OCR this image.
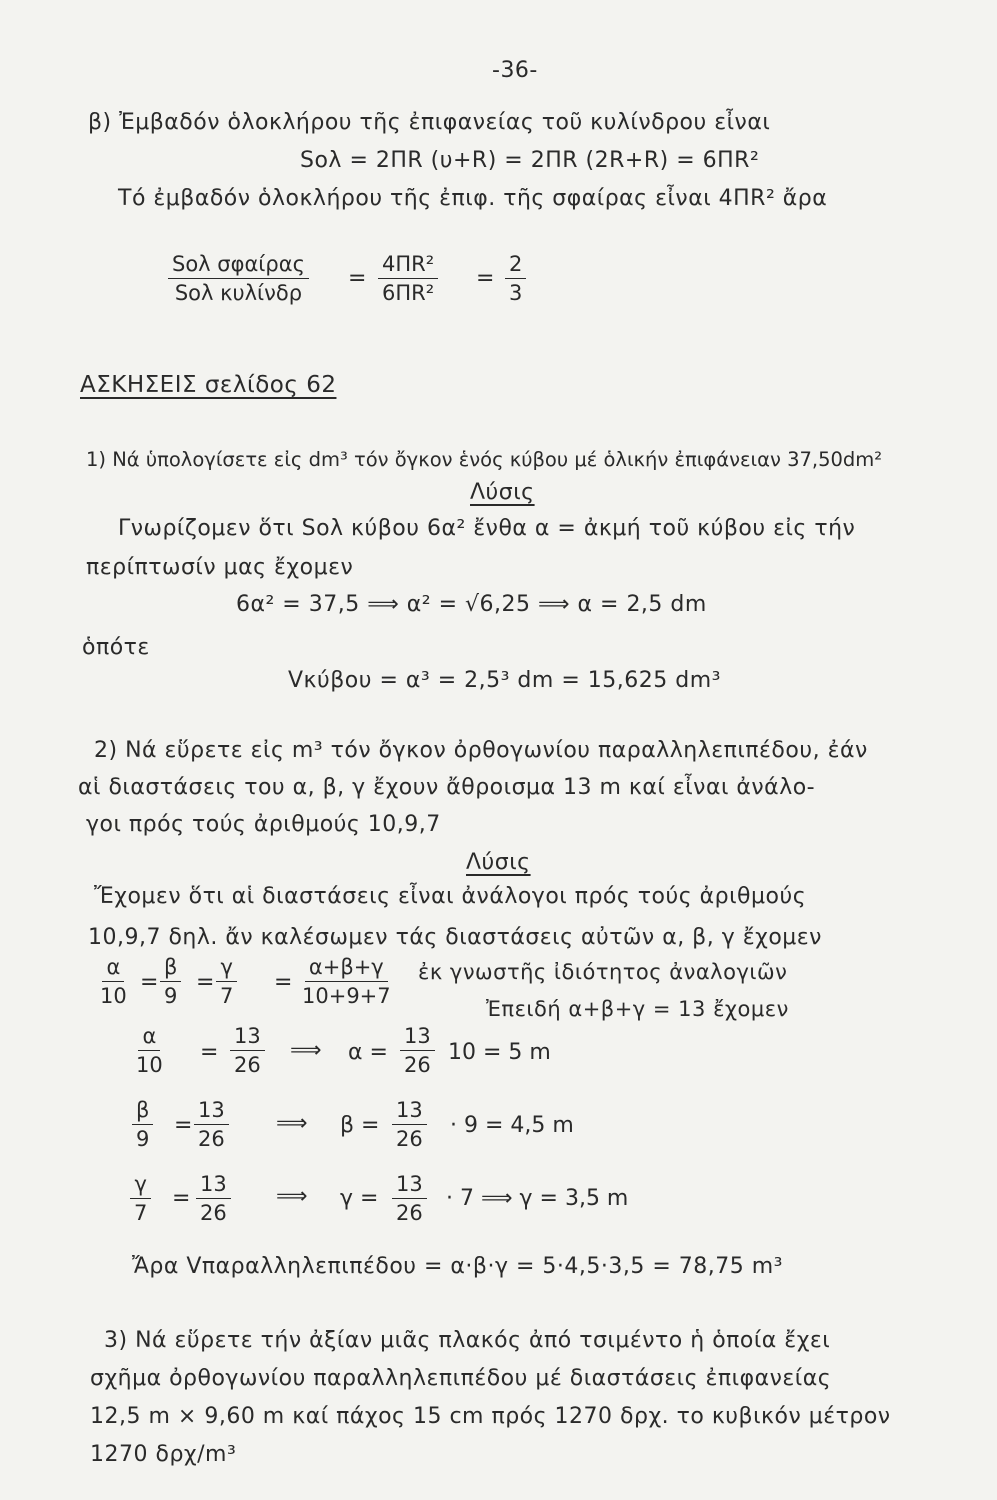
-36-
β) Ἐμβαδόν ὁλοκλήρου τῆς ἐπιφανείας τοῦ κυλίνδρου εἶναι
Sολ = 2ΠR (υ+R) = 2ΠR (2R+R) = 6ΠR²
Τό ἐμβαδόν ὁλοκλήρου τῆς ἐπιφ. τῆς σφαίρας εἶναι 4ΠR² ἄρα
Sολ σφαίρας
Sολ κυλίνδρ
= $\frac{\text{4ΠR²}}{\text{6ΠR²}} = \frac{2}{3}$
ΑΣΚΗΣΕΙΣ σελίδος 62
1) Νά ὑπολογίσετε εἰς dm³ τόν ὄγκον ἑνός κύβου μέ ὁλικήν ἐπιφάνειαν 37,50dm²
Λύσις
Γνωρίζομεν ὅτι Sολ κύβου 6α² ἔνθα α = ἀκμή τοῦ κύβου εἰς τήν
περίπτωσίν μας ἔχομεν
6α² = 37,5 ⟹ α² = √6,25 ⟹ α = 2,5 dm
ὁπότε
Vκύβου = α³ = 2,5³ dm = 15,625 dm³
2) Νά εὕρετε εἰς m³ τόν ὄγκον ὀρθογωνίου παραλληλεπιπέδου, ἐάν
αἱ διαστάσεις του α, β, γ ἔχουν ἄθροισμα 13 m καί εἶναι ἀνάλο-
γοι πρός τούς ἀριθμούς 10,9,7
Λύσις
Ἔχομεν ὅτι αἱ διαστάσεις εἶναι ἀνάλογοι πρός τούς ἀριθμούς
10,9,7 δηλ. ἄν καλέσωμεν τάς διαστάσεις αὐτῶν α, β, γ ἔχομεν
$\frac{\alpha}{10} = \frac{\beta}{9} = \frac{\gamma}{7} = \frac{\alpha+\beta+\gamma}{10+9+7}$ ἐκ γνωστῆς ἰδιότητος ἀναλογιῶν
Ἐπειδή α+β+γ = 13 ἔχομεν
$\frac{\alpha}{10} = \frac{13}{26}$ ⟹ $\alpha = \frac{13}{26} 10 = 5$ m
$\frac{\beta}{9} = \frac{13}{26}$ ⟹ $\beta = \frac{13}{26} \cdot 9 = 4,5$ m
$\frac{\gamma}{7} = \frac{13}{26}$ ⟹ $\gamma = \frac{13}{26} \cdot 7$ ⟹ γ = 3,5 m
Ἄρα Vπαραλληλεπιπέδου = α·β·γ = 5·4,5·3,5 = 78,75 m³
3) Νά εὕρετε τήν ἀξίαν μιᾶς πλακός ἀπό τσιμέντο ἡ ὁποία ἔχει
σχῆμα ὀρθογωνίου παραλληλεπιπέδου μέ διαστάσεις ἐπιφανείας
12,5 m × 9,60 m καί πάχος 15 cm πρός 1270 δρχ. το κυβικόν μέτρον
1270 δρχ/m³
